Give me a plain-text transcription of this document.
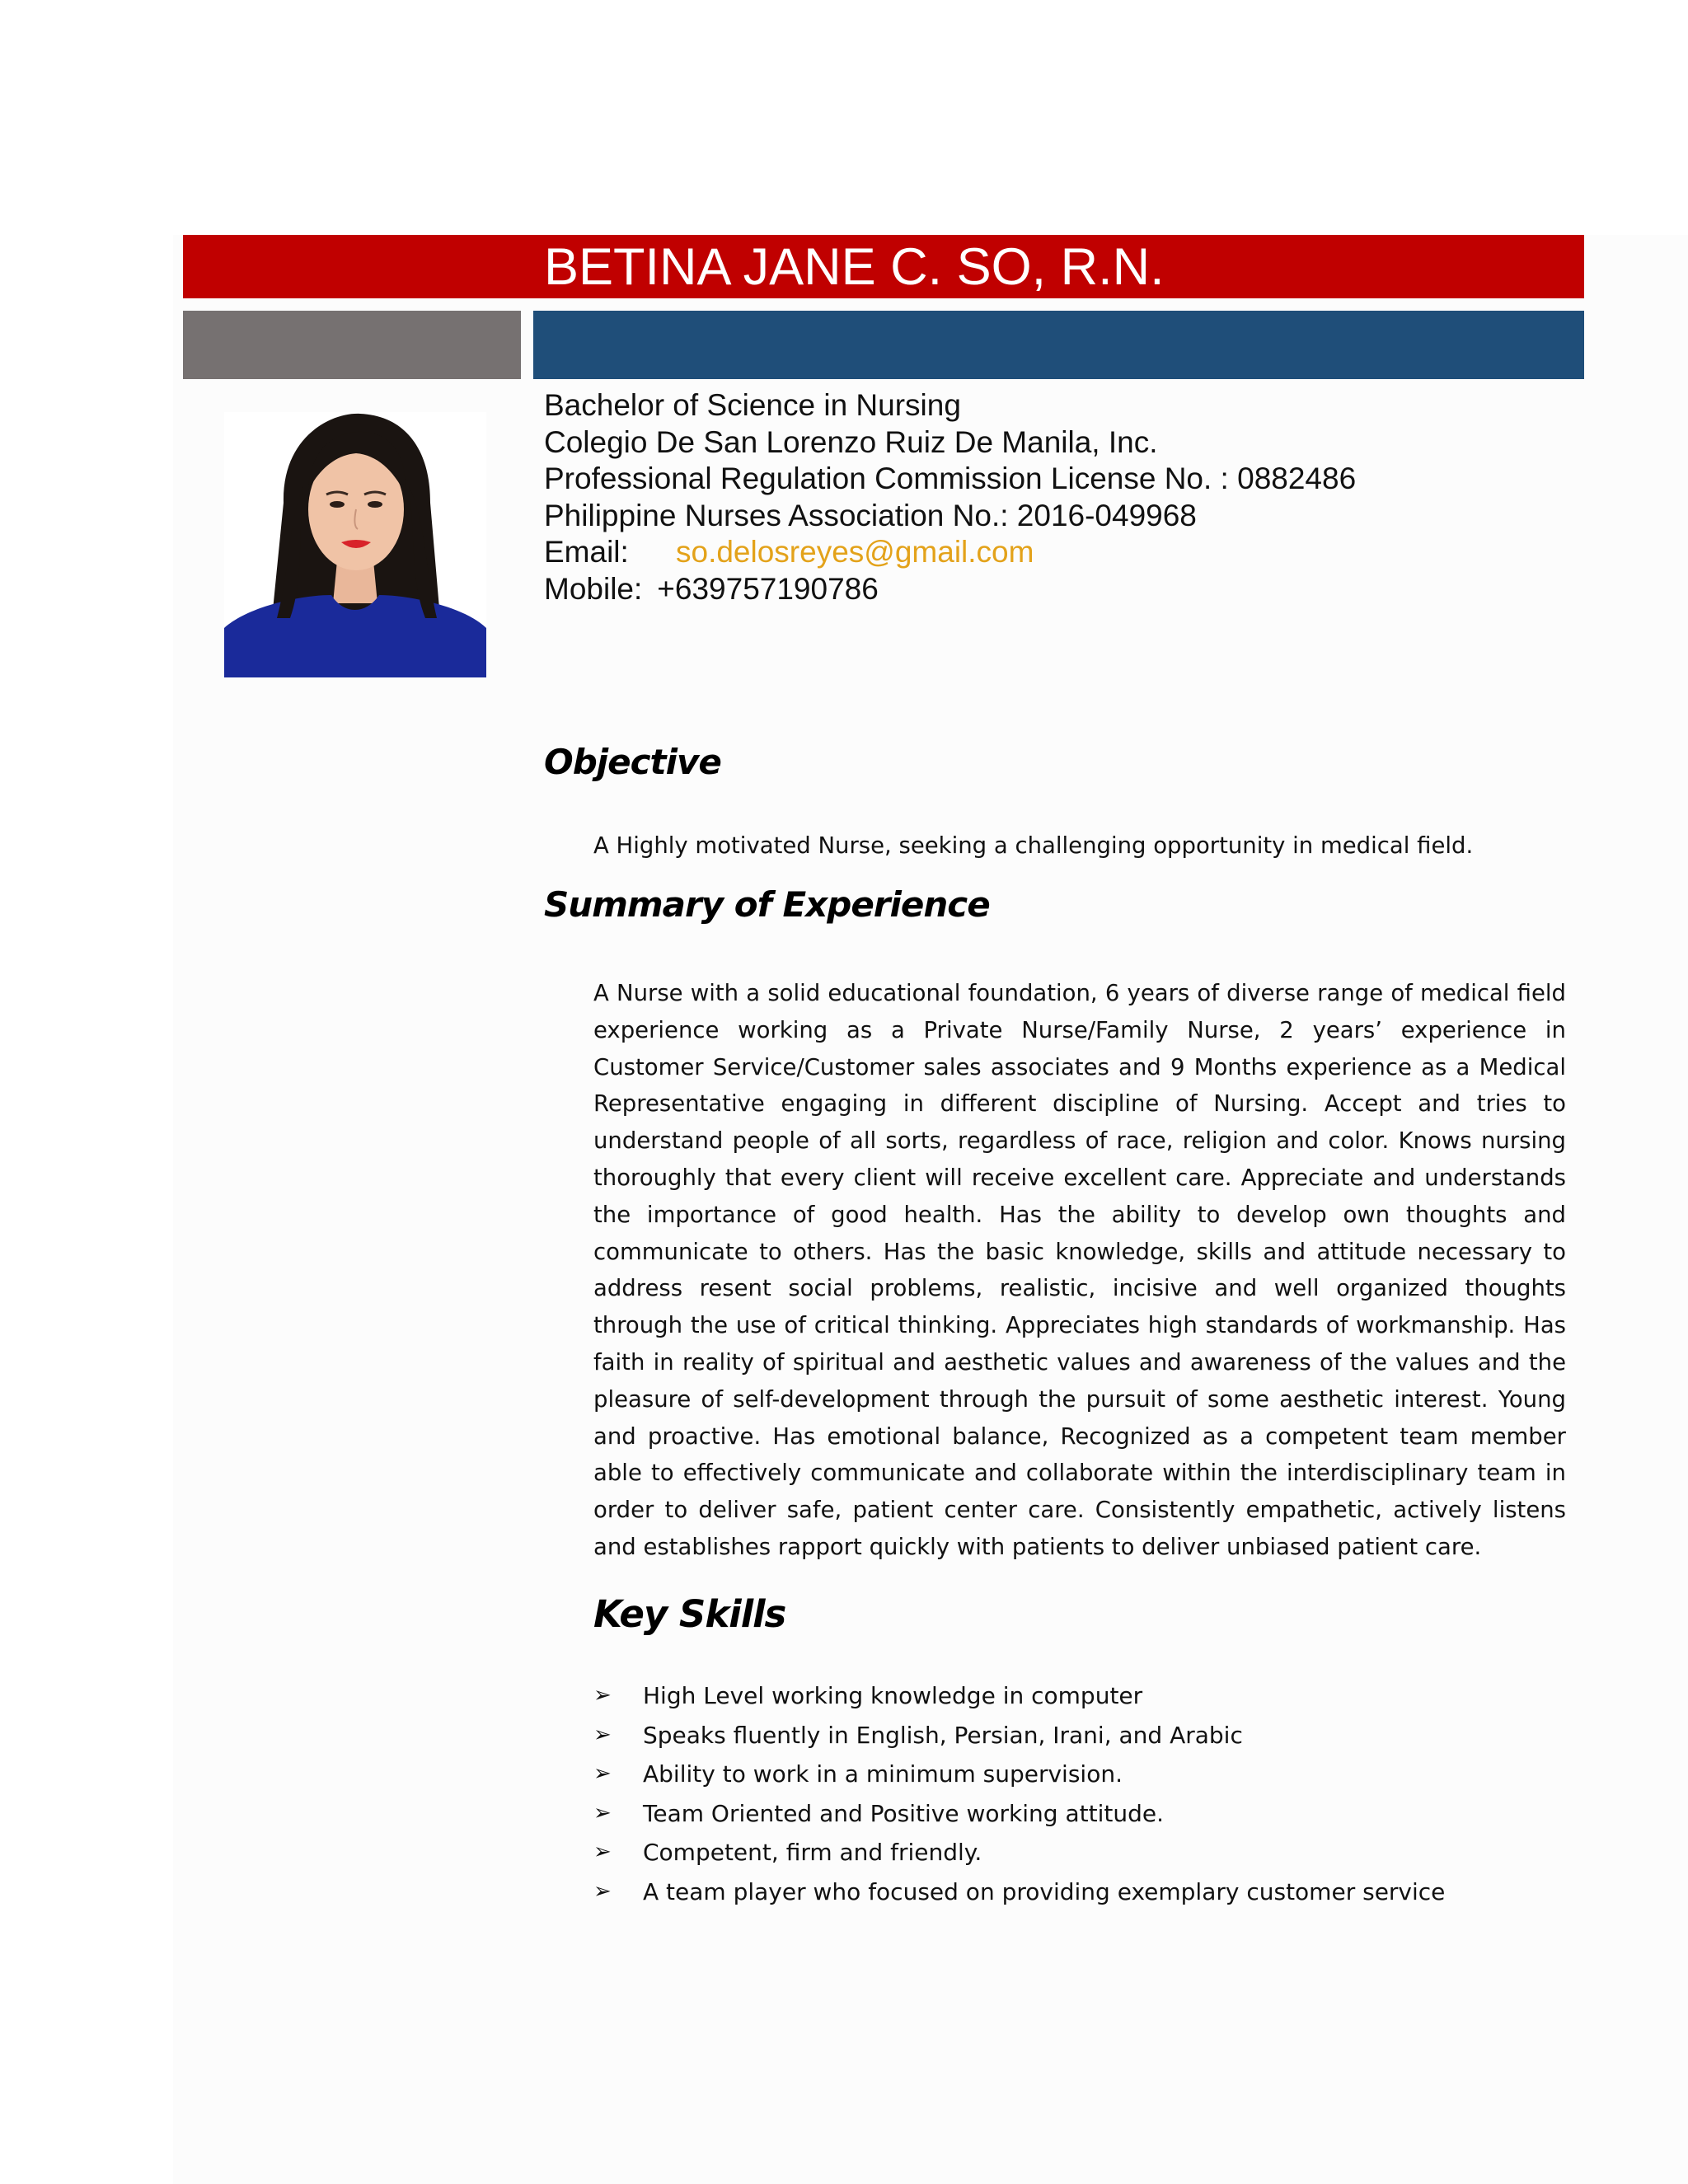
BETINA JANE C. SO, R.N.
Bachelor of Science in Nursing
Colegio De San Lorenzo Ruiz De Manila, Inc.
Professional Regulation Commission License No. : 0882486
Philippine Nurses Association No.: 2016-049968
Email: so.delosreyes@gmail.com
Mobile: +639757190786
Objective
A Highly motivated Nurse, seeking a challenging opportunity in medical field.
Summary of Experience
A Nurse with a solid educational foundation, 6 years of diverse range of medical field experience working as a Private Nurse/Family Nurse, 2 years’ experience in Customer Service/Customer sales associates and 9 Months experience as a Medical Representative engaging in different discipline of Nursing. Accept and tries to understand people of all sorts, regardless of race, religion and color. Knows nursing thoroughly that every client will receive excellent care. Appreciate and understands the importance of good health. Has the ability to develop own thoughts and communicate to others. Has the basic knowledge, skills and attitude necessary to address resent social problems, realistic, incisive and well organized thoughts through the use of critical thinking. Appreciates high standards of workmanship. Has faith in reality of spiritual and aesthetic values and awareness of the values and the pleasure of self-development through the pursuit of some aesthetic interest. Young and proactive. Has emotional balance, Recognized as a competent team member able to effectively communicate and collaborate within the interdisciplinary team in order to deliver safe, patient center care. Consistently empathetic, actively listens and establishes rapport quickly with patients to deliver unbiased patient care.
Key Skills
➢	High Level working knowledge in computer
➢	Speaks fluently in English, Persian, Irani, and Arabic
➢	Ability to work in a minimum supervision.
➢	Team Oriented and Positive working attitude.
➢	Competent, firm and friendly.
➢	A team player who focused on providing exemplary customer service
